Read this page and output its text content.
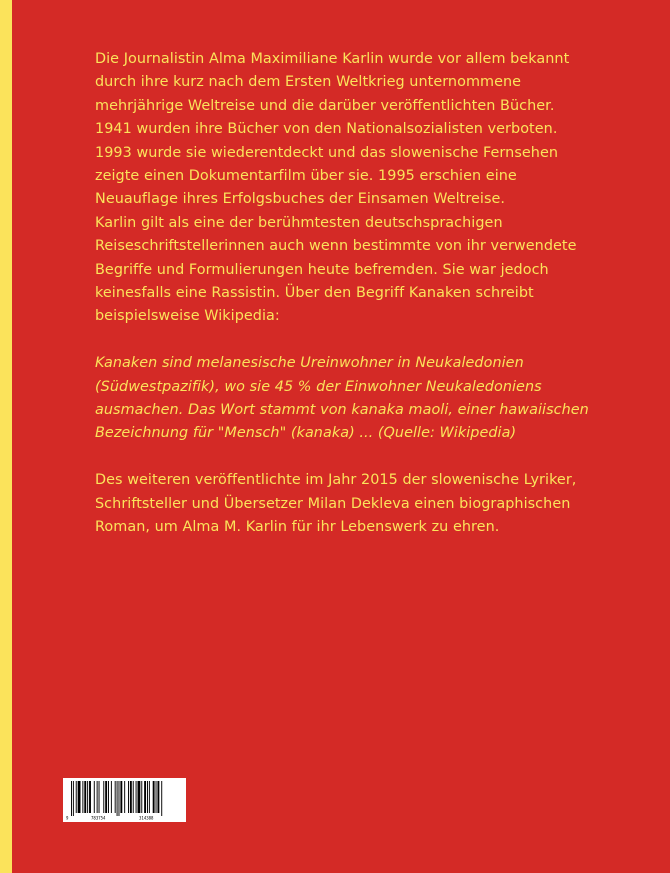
Die Journalistin Alma Maximiliane Karlin wurde vor allem bekannt
durch ihre kurz nach dem Ersten Weltkrieg unternommene
mehrjährige Weltreise und die darüber veröffentlichten Bücher.
1941 wurden ihre Bücher von den Nationalsozialisten verboten.
1993 wurde sie wiederentdeckt und das slowenische Fernsehen
zeigte einen Dokumentarfilm über sie. 1995 erschien eine
Neuauflage ihres Erfolgsbuches der Einsamen Weltreise.
Karlin gilt als eine der berühmtesten deutschsprachigen
Reiseschriftstellerinnen auch wenn bestimmte von ihr verwendete
Begriffe und Formulierungen heute befremden. Sie war jedoch
keinesfalls eine Rassistin. Über den Begriff Kanaken schreibt
beispielsweise Wikipedia:

Kanaken sind melanesische Ureinwohner in Neukaledonien
(Südwestpazifik), wo sie 45 % der Einwohner Neukaledoniens
ausmachen. Das Wort stammt von kanaka maoli, einer hawaiischen
Bezeichnung für "Mensch" (kanaka) ... (Quelle: Wikipedia)

Des weiteren veröffentlichte im Jahr 2015 der slowenische Lyriker,
Schriftsteller und Übersetzer Milan Dekleva einen biographischen
Roman, um Alma M. Karlin für ihr Lebenswerk zu ehren.

9	783754	314388
